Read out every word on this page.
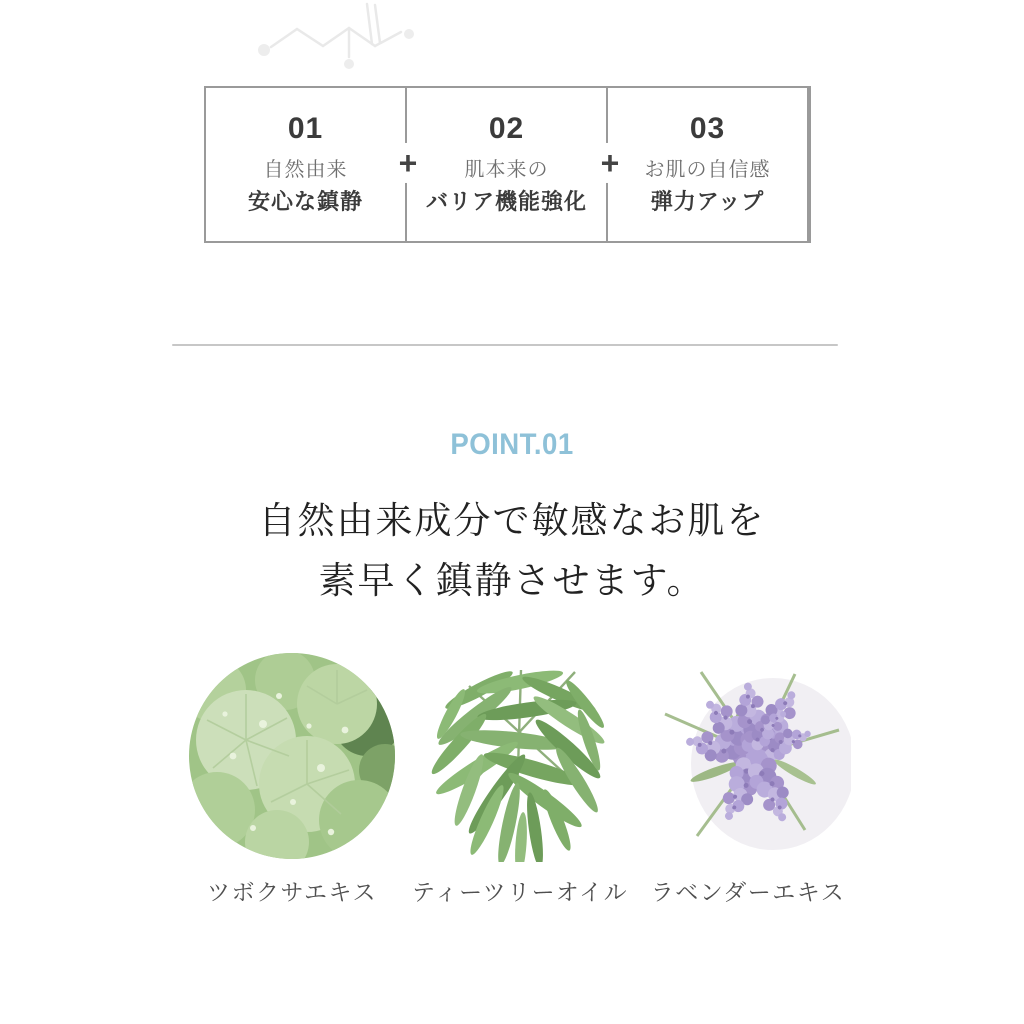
01
自然由来
安心な鎮静
02
肌本来の
バリア機能強化
03
お肌の自信感
弾力アップ
+	+
POINT.01
自然由来成分で敏感なお肌を
素早く鎮静させます。
ツボクサエキス ティーツリーオイル ラベンダーエキス
